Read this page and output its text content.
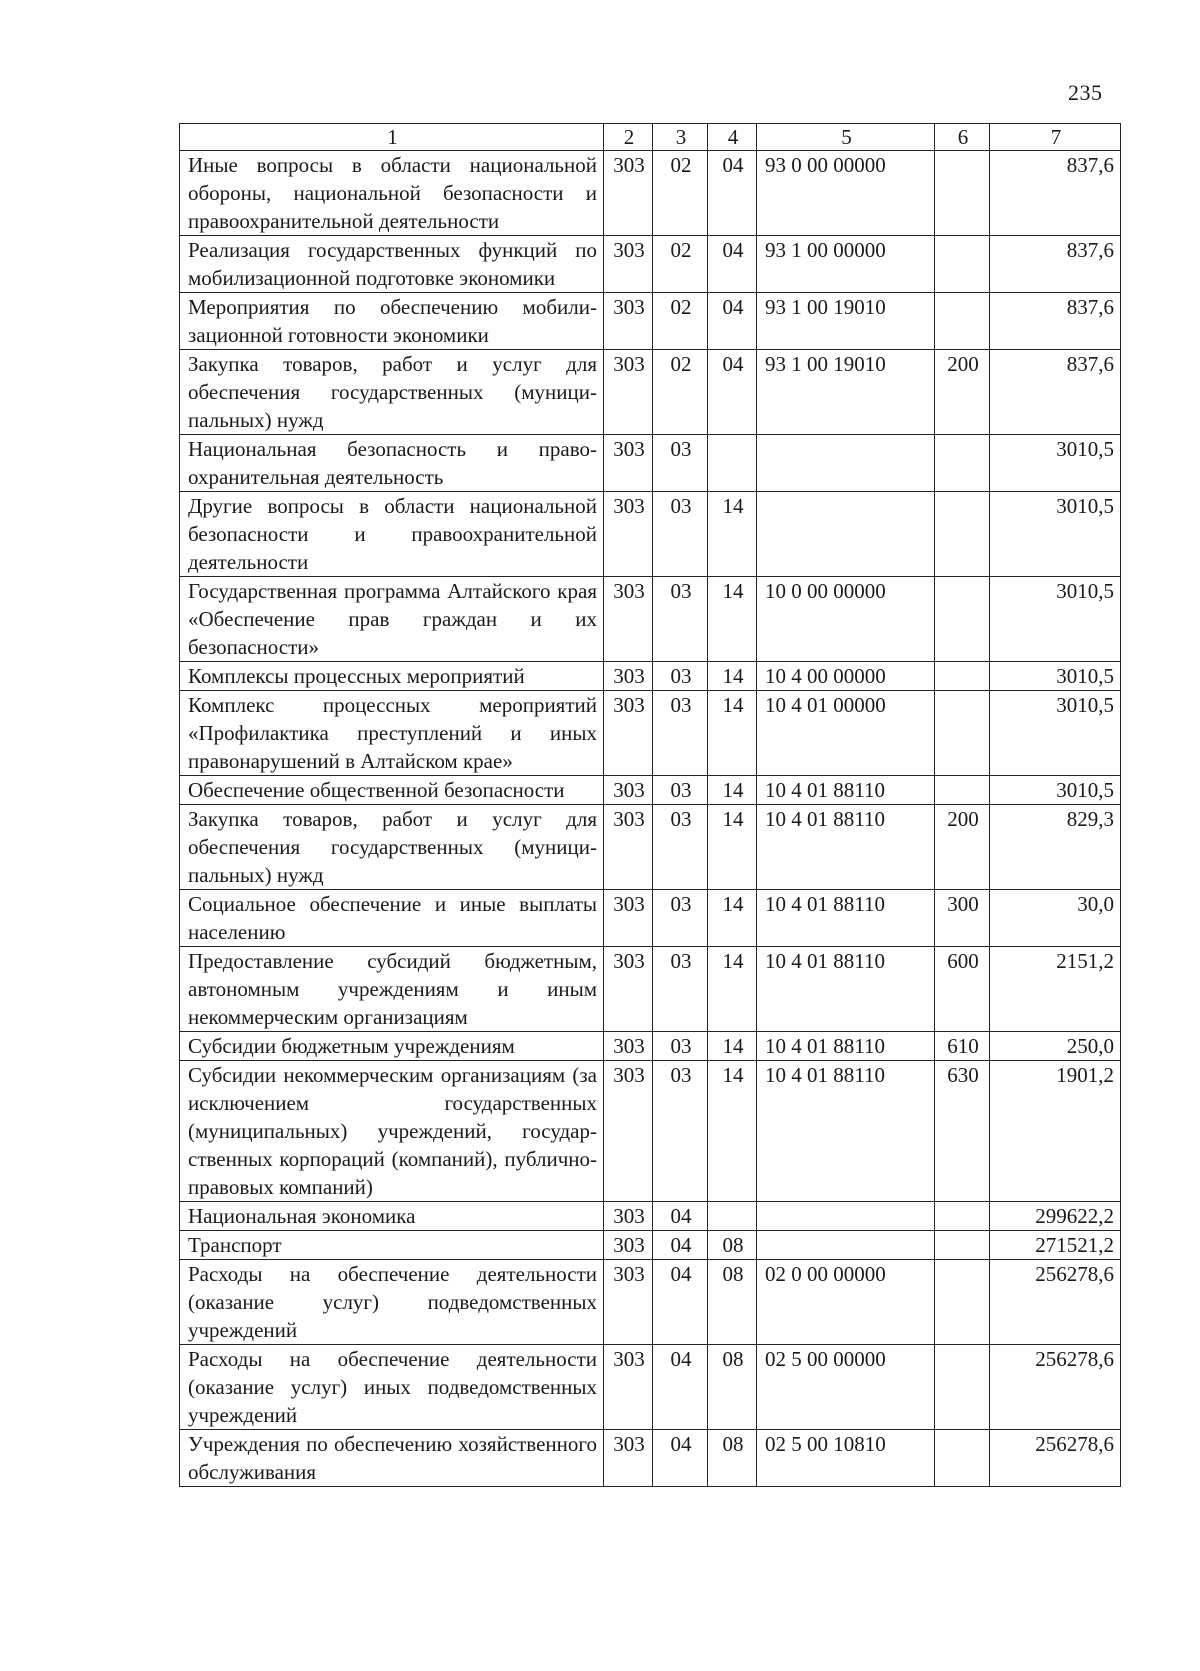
235
1	2	3	4	5	6	7
Иные вопросы в области национальной обороны, национальной безопасности и правоохранительной деятельности	303	02	04	93 0 00 00000		837,6
Реализация государственных функций по мобилизационной подготовке экономики	303	02	04	93 1 00 00000		837,6
Мероприятия по обеспечению мобилизационной готовности экономики	303	02	04	93 1 00 19010		837,6
Закупка товаров, работ и услуг для обеспечения государственных (муниципальных) нужд	303	02	04	93 1 00 19010	200	837,6
Национальная безопасность и правоохранительная деятельность	303	03				3010,5
Другие вопросы в области национальной безопасности и правоохранительной деятельности	303	03	14			3010,5
Государственная программа Алтайского края «Обеспечение прав граждан и их безопасности»	303	03	14	10 0 00 00000		3010,5
Комплексы процессных мероприятий	303	03	14	10 4 00 00000		3010,5
Комплекс процессных мероприятий «Профилактика преступлений и иных правонарушений в Алтайском крае»	303	03	14	10 4 01 00000		3010,5
Обеспечение общественной безопасности	303	03	14	10 4 01 88110		3010,5
Закупка товаров, работ и услуг для обеспечения государственных (муниципальных) нужд	303	03	14	10 4 01 88110	200	829,3
Социальное обеспечение и иные выплаты населению	303	03	14	10 4 01 88110	300	30,0
Предоставление субсидий бюджетным, автономным учреждениям и иным некоммерческим организациям	303	03	14	10 4 01 88110	600	2151,2
Субсидии бюджетным учреждениям	303	03	14	10 4 01 88110	610	250,0
Субсидии некоммерческим организациям (за исключением государственных (муниципальных) учреждений, государственных корпораций (компаний), публично-правовых компаний)	303	03	14	10 4 01 88110	630	1901,2
Национальная экономика	303	04				299622,2
Транспорт	303	04	08			271521,2
Расходы на обеспечение деятельности (оказание услуг) подведомственных учреждений	303	04	08	02 0 00 00000		256278,6
Расходы на обеспечение деятельности (оказание услуг) иных подведомственных учреждений	303	04	08	02 5 00 00000		256278,6
Учреждения по обеспечению хозяйственного обслуживания	303	04	08	02 5 00 10810		256278,6
